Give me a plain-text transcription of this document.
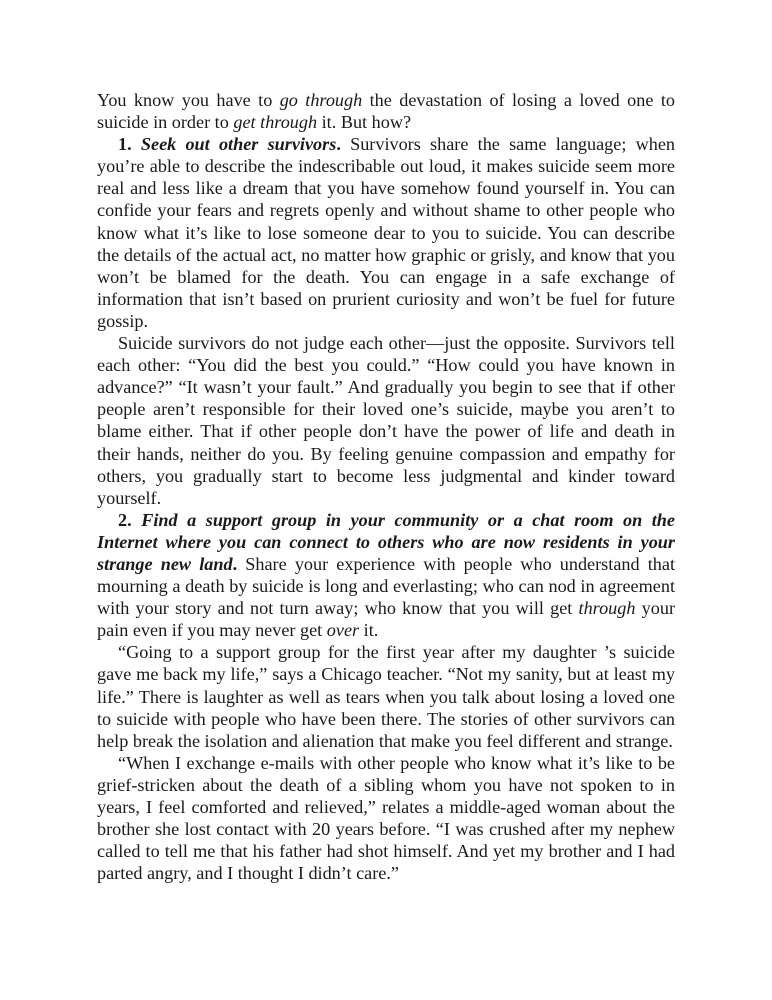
You know you have to go through the devastation of losing a loved one to suicide in order to get through it. But how?

1. Seek out other survivors. Survivors share the same language; when you’re able to describe the indescribable out loud, it makes suicide seem more real and less like a dream that you have somehow found yourself in. You can confide your fears and regrets openly and without shame to other people who know what it’s like to lose someone dear to you to suicide. You can describe the details of the actual act, no matter how graphic or grisly, and know that you won’t be blamed for the death. You can engage in a safe exchange of information that isn’t based on prurient curiosity and won’t be fuel for future gossip.

Suicide survivors do not judge each other—just the opposite. Survivors tell each other: “You did the best you could.” “How could you have known in advance?” “It wasn’t your fault.” And gradually you begin to see that if other people aren’t responsible for their loved one’s suicide, maybe you aren’t to blame either. That if other people don’t have the power of life and death in their hands, neither do you. By feeling genuine compassion and empathy for others, you gradually start to become less judgmental and kinder toward yourself.

2. Find a support group in your community or a chat room on the Internet where you can connect to others who are now residents in your strange new land. Share your experience with people who understand that mourning a death by suicide is long and everlasting; who can nod in agreement with your story and not turn away; who know that you will get through your pain even if you may never get over it.

“Going to a support group for the first year after my daughter ’s suicide gave me back my life,” says a Chicago teacher. “Not my sanity, but at least my life.” There is laughter as well as tears when you talk about losing a loved one to suicide with people who have been there. The stories of other survivors can help break the isolation and alienation that make you feel different and strange.

“When I exchange e-mails with other people who know what it’s like to be grief-stricken about the death of a sibling whom you have not spoken to in years, I feel comforted and relieved,” relates a middle-aged woman about the brother she lost contact with 20 years before. “I was crushed after my nephew called to tell me that his father had shot himself. And yet my brother and I had parted angry, and I thought I didn’t care.”
